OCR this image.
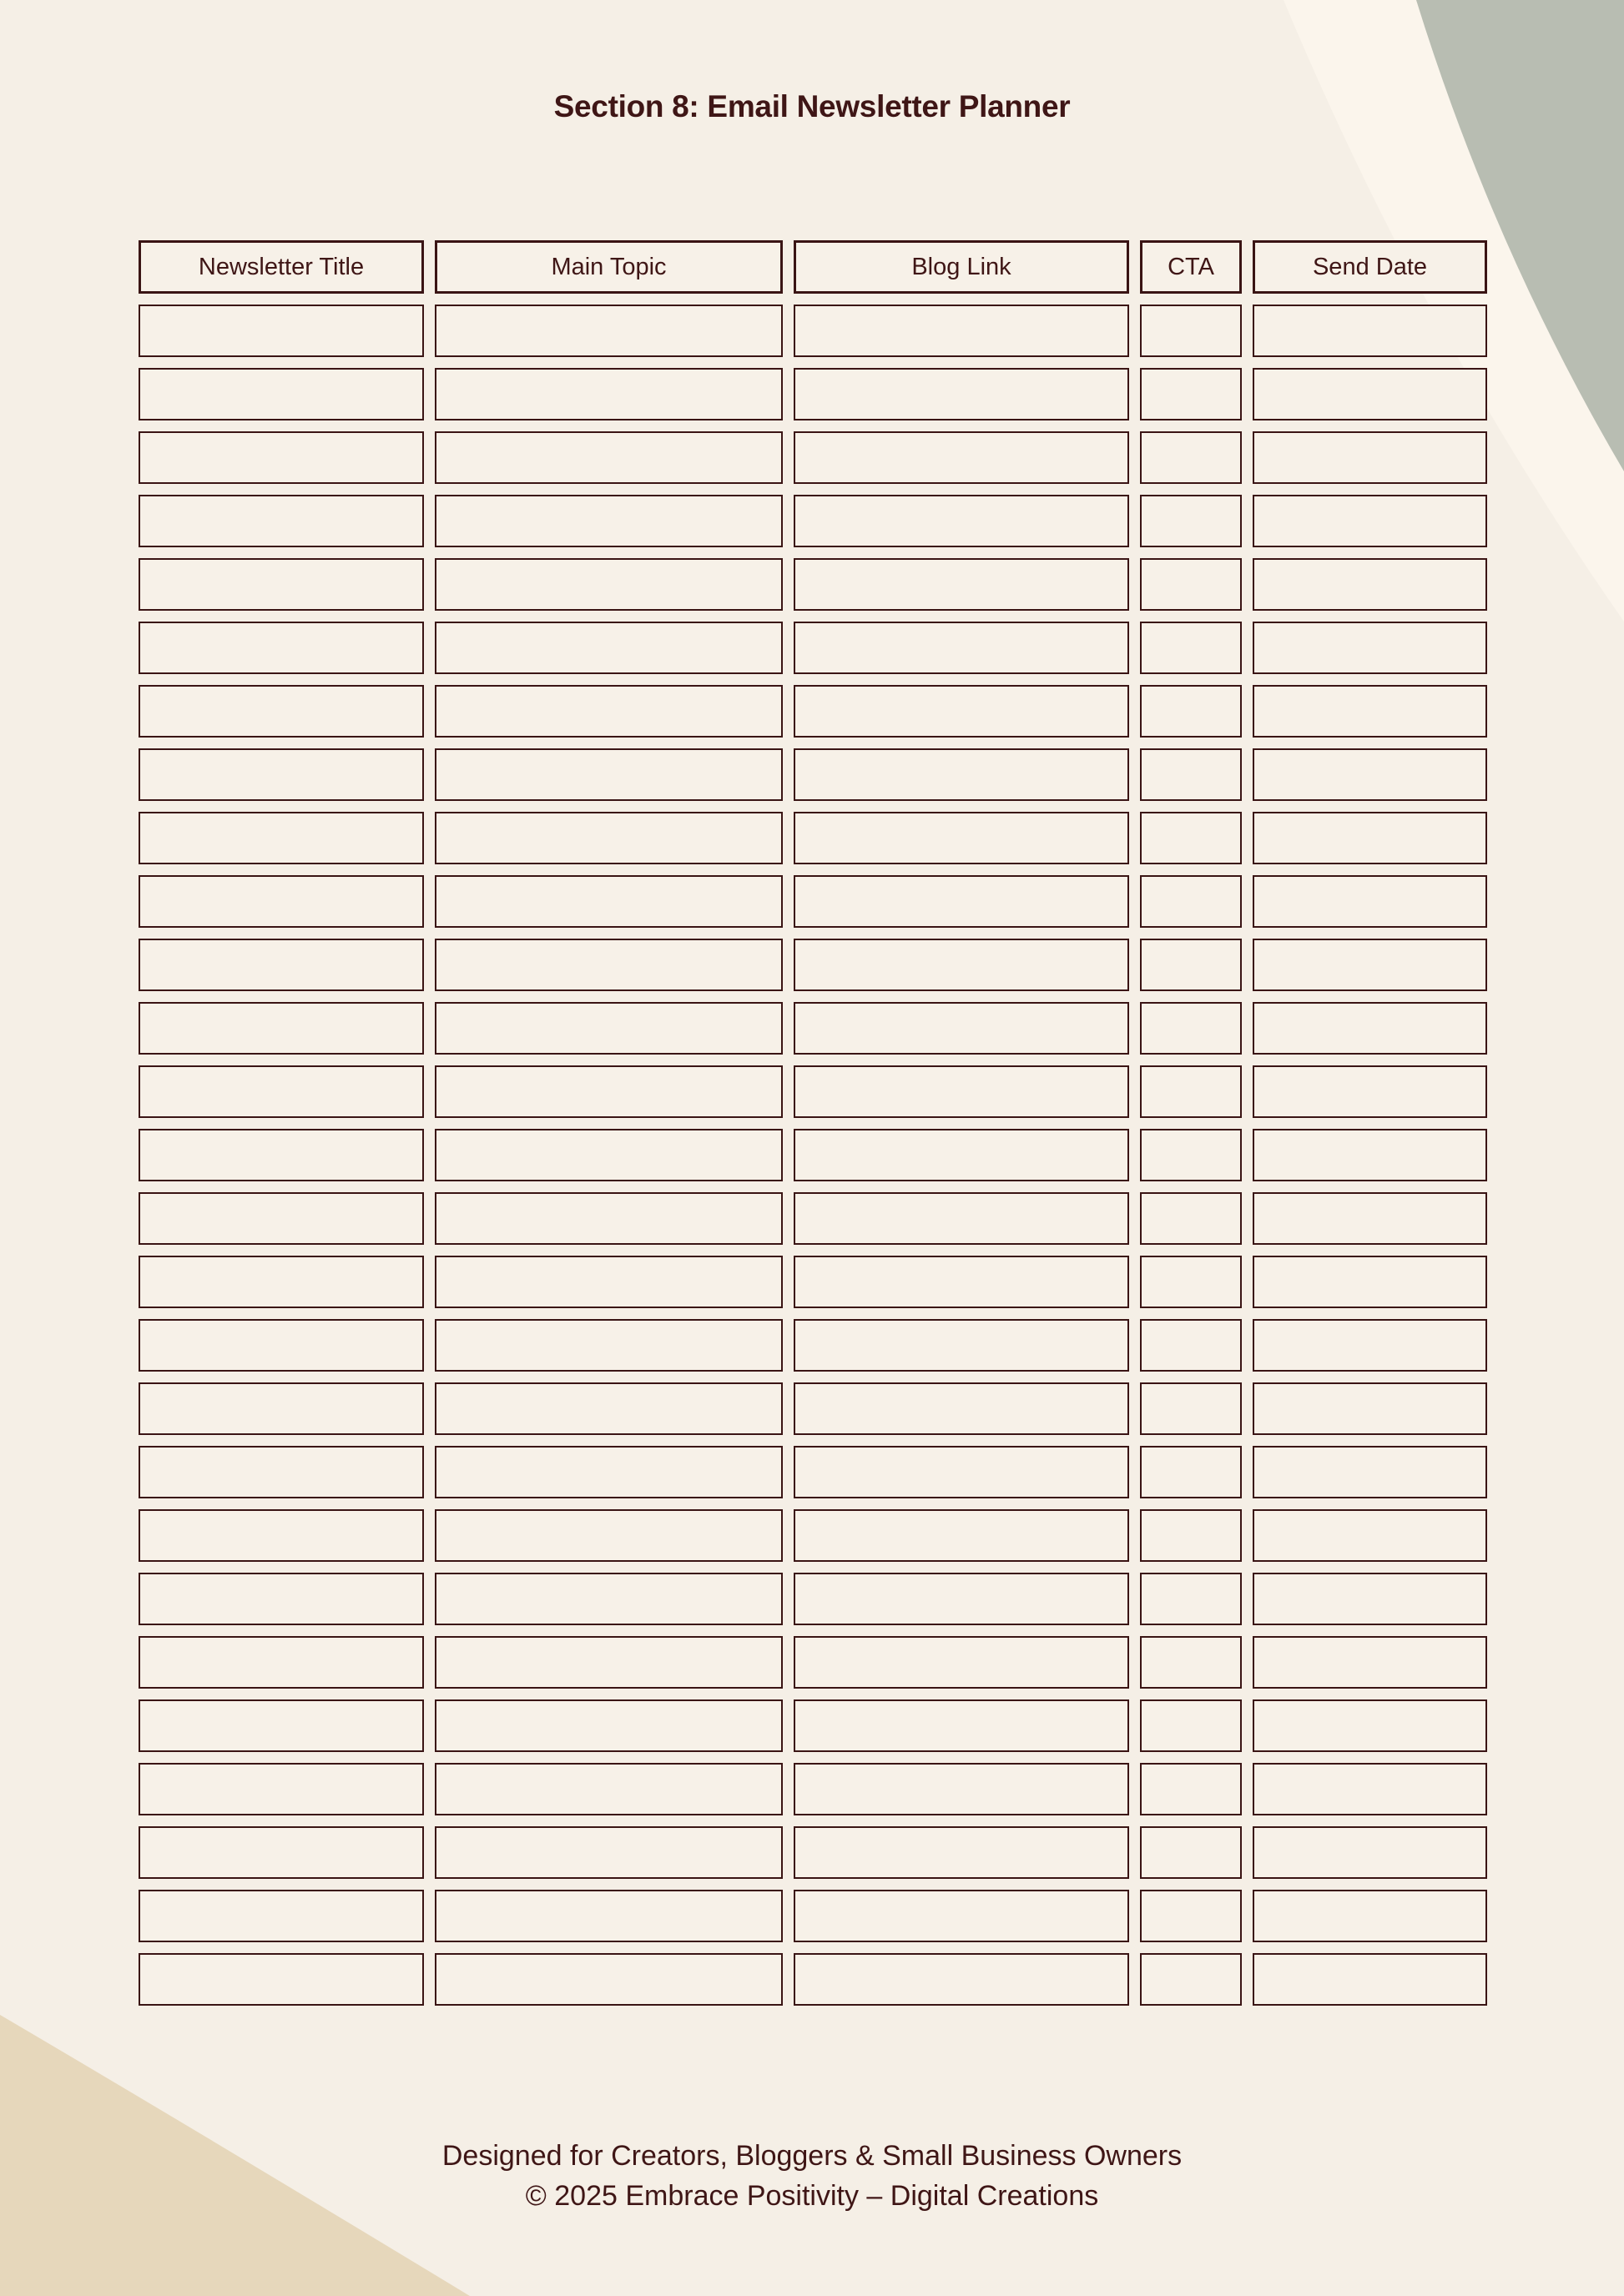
Section 8: Email Newsletter Planner
Newsletter Title	Main Topic	Blog Link	CTA	Send Date
Designed for Creators, Bloggers & Small Business Owners
© 2025 Embrace Positivity – Digital Creations
